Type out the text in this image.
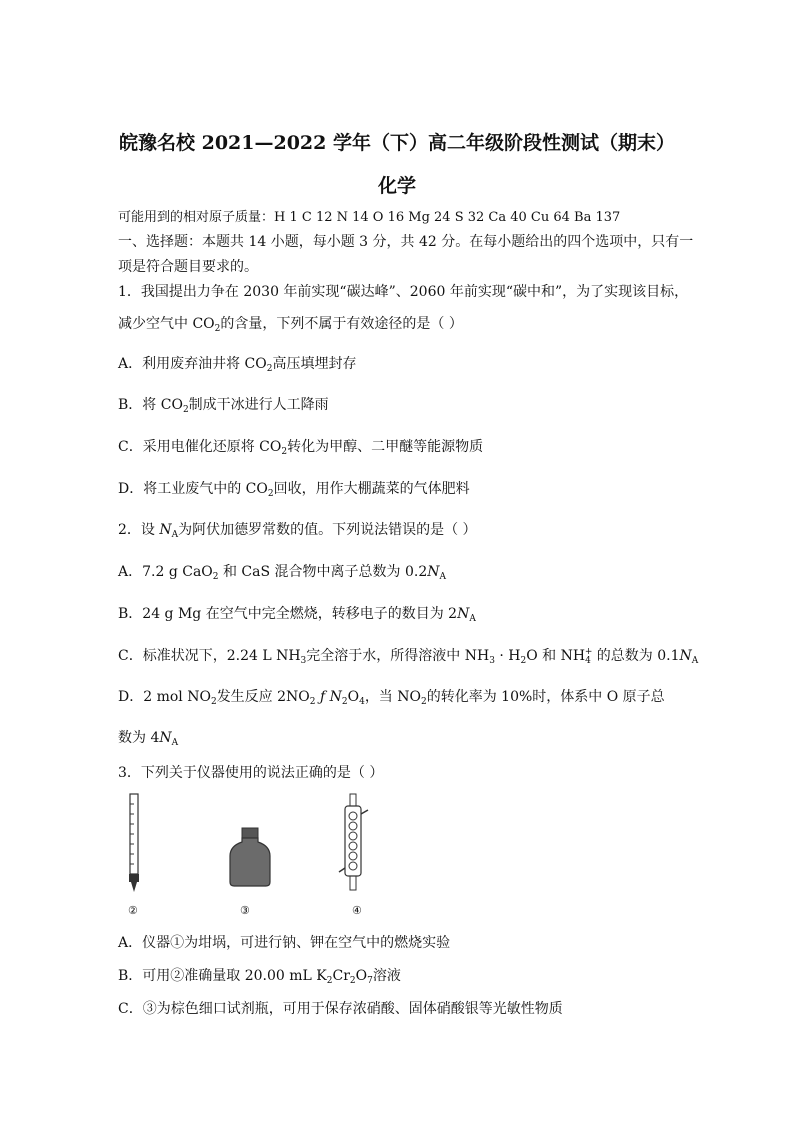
皖豫名校 2021—2022 学年（下）高二年级阶段性测试（期末）
化学
可能用到的相对原子质量：H 1 C 12 N 14 O 16 Mg 24 S 32 Ca 40 Cu 64 Ba 137
一、选择题：本题共 14 小题，每小题 3 分，共 42 分。在每小题给出的四个选项中，只有一
项是符合题目要求的。
1．我国提出力争在 2030 年前实现“碳达峰”、2060 年前实现“碳中和”，为了实现该目标，
减少空气中 $CO_2$的含量，下列不属于有效途径的是（ ）
A．利用废弃油井将 $CO_2$高压填埋封存
B．将 $CO_2$制成干冰进行人工降雨
C．采用电催化还原将 $CO_2$转化为甲醇、二甲醚等能源物质
D．将工业废气中的 $CO_2$回收，用作大棚蔬菜的气体肥料
2．设 $N_A$为阿伏加德罗常数的值。下列说法错误的是（ ）
A．7.2 g CaO$_2$ 和 CaS 混合物中离子总数为 $0.2N_A$
B．24 g Mg 在空气中完全燃烧，转移电子的数目为 $2N_A$
C．标准状况下，2.24 L $NH_3$完全溶于水，所得溶液中 $NH_3 \cdot H_2O$ 和 $NH_4^+$ 的总数为 $0.1N_A$
D．2 mol $NO_2$发生反应 $2NO_2$ ƒ $N_2O_4$，当 $NO_2$的转化率为 10%时，体系中 O 原子总
数为 $4N_A$
3．下列关于仪器使用的说法正确的是（ ）
②	③	④
A．仪器①为坩埚，可进行钠、钾在空气中的燃烧实验
B．可用②准确量取 20.00 mL $K_2Cr_2O_7$溶液
C．③为棕色细口试剂瓶，可用于保存浓硝酸、固体硝酸银等光敏性物质
